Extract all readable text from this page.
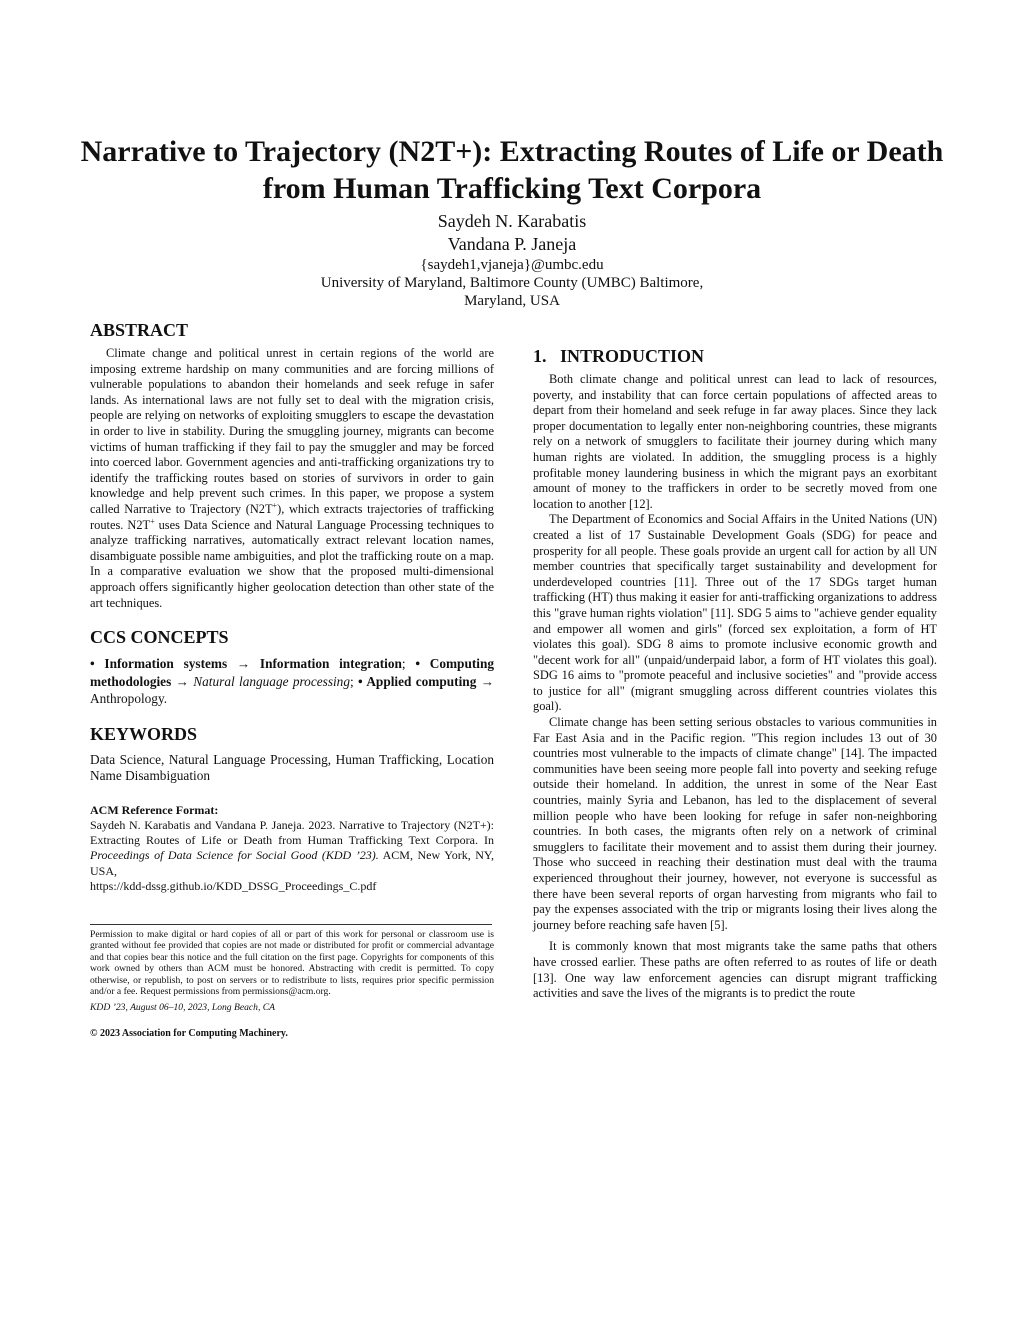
Narrative to Trajectory (N2T+): Extracting Routes of Life or Death from Human Trafficking Text Corpora
Saydeh N. Karabatis
Vandana P. Janeja
{saydeh1,vjaneja}@umbc.edu
University of Maryland, Baltimore County (UMBC) Baltimore,
Maryland, USA
ABSTRACT

Climate change and political unrest in certain regions of the world are imposing extreme hardship on many communities and are forcing millions of vulnerable populations to abandon their homelands and seek refuge in safer lands. As international laws are not fully set to deal with the migration crisis, people are relying on networks of exploiting smugglers to escape the devastation in order to live in stability. During the smuggling journey, migrants can become victims of human trafficking if they fail to pay the smuggler and may be forced into coerced labor. Government agencies and anti-trafficking organizations try to identify the trafficking routes based on stories of survivors in order to gain knowledge and help prevent such crimes. In this paper, we propose a system called Narrative to Trajectory (N2T+), which extracts trajectories of trafficking routes. N2T+ uses Data Science and Natural Language Processing techniques to analyze trafficking narratives, automatically extract relevant location names, disambiguate possible name ambiguities, and plot the trafficking route on a map. In a comparative evaluation we show that the proposed multi-dimensional approach offers significantly higher geolocation detection than other state of the art techniques.

CCS CONCEPTS

• Information systems → Information integration; • Computing methodologies → Natural language processing; • Applied computing → Anthropology.

KEYWORDS

Data Science, Natural Language Processing, Human Trafficking, Location Name Disambiguation

ACM Reference Format:

Saydeh N. Karabatis and Vandana P. Janeja. 2023. Narrative to Trajectory (N2T+): Extracting Routes of Life or Death from Human Trafficking Text Corpora. In Proceedings of Data Science for Social Good (KDD ’23). ACM, New York, NY, USA,
https://kdd-dssg.github.io/KDD_DSSG_Proceedings_C.pdf

Permission to make digital or hard copies of all or part of this work for personal or classroom use is granted without fee provided that copies are not made or distributed for profit or commercial advantage and that copies bear this notice and the full citation on the first page. Copyrights for components of this work owned by others than ACM must be honored. Abstracting with credit is permitted. To copy otherwise, or republish, to post on servers or to redistribute to lists, requires prior specific permission and/or a fee. Request permissions from permissions@acm.org.

KDD ’23, August 06–10, 2023, Long Beach, CA

© 2023 Association for Computing Machinery.

1.   INTRODUCTION

Both climate change and political unrest can lead to lack of resources, poverty, and instability that can force certain populations of affected areas to depart from their homeland and seek refuge in far away places. Since they lack proper documentation to legally enter non-neighboring countries, these migrants rely on a network of smugglers to facilitate their journey during which many human rights are violated. In addition, the smuggling process is a highly profitable money laundering business in which the migrant pays an exorbitant amount of money to the traffickers in order to be secretly moved from one location to another [12].

The Department of Economics and Social Affairs in the United Nations (UN) created a list of 17 Sustainable Development Goals (SDG) for peace and prosperity for all people. These goals provide an urgent call for action by all UN member countries that specifically target sustainability and development for underdeveloped countries [11]. Three out of the 17 SDGs target human trafficking (HT) thus making it easier for anti-trafficking organizations to address this "grave human rights violation" [11]. SDG 5 aims to "achieve gender equality and empower all women and girls" (forced sex exploitation, a form of HT violates this goal). SDG 8 aims to promote inclusive economic growth and "decent work for all" (unpaid/underpaid labor, a form of HT violates this goal). SDG 16 aims to "promote peaceful and inclusive societies" and "provide access to justice for all" (migrant smuggling across different countries violates this goal).

Climate change has been setting serious obstacles to various communities in Far East Asia and in the Pacific region. "This region includes 13 out of 30 countries most vulnerable to the impacts of climate change" [14]. The impacted communities have been seeing more people fall into poverty and seeking refuge outside their homeland. In addition, the unrest in some of the Near East countries, mainly Syria and Lebanon, has led to the displacement of several million people who have been looking for refuge in safer non-neighboring countries. In both cases, the migrants often rely on a network of criminal smugglers to facilitate their movement and to assist them during their journey. Those who succeed in reaching their destination must deal with the trauma experienced throughout their journey, however, not everyone is successful as there have been several reports of organ harvesting from migrants who fail to pay the expenses associated with the trip or migrants losing their lives along the journey before reaching safe haven [5].

It is commonly known that most migrants take the same paths that others have crossed earlier. These paths are often referred to as routes of life or death [13]. One way law enforcement agencies can disrupt migrant trafficking activities and save the lives of the migrants is to predict the route
